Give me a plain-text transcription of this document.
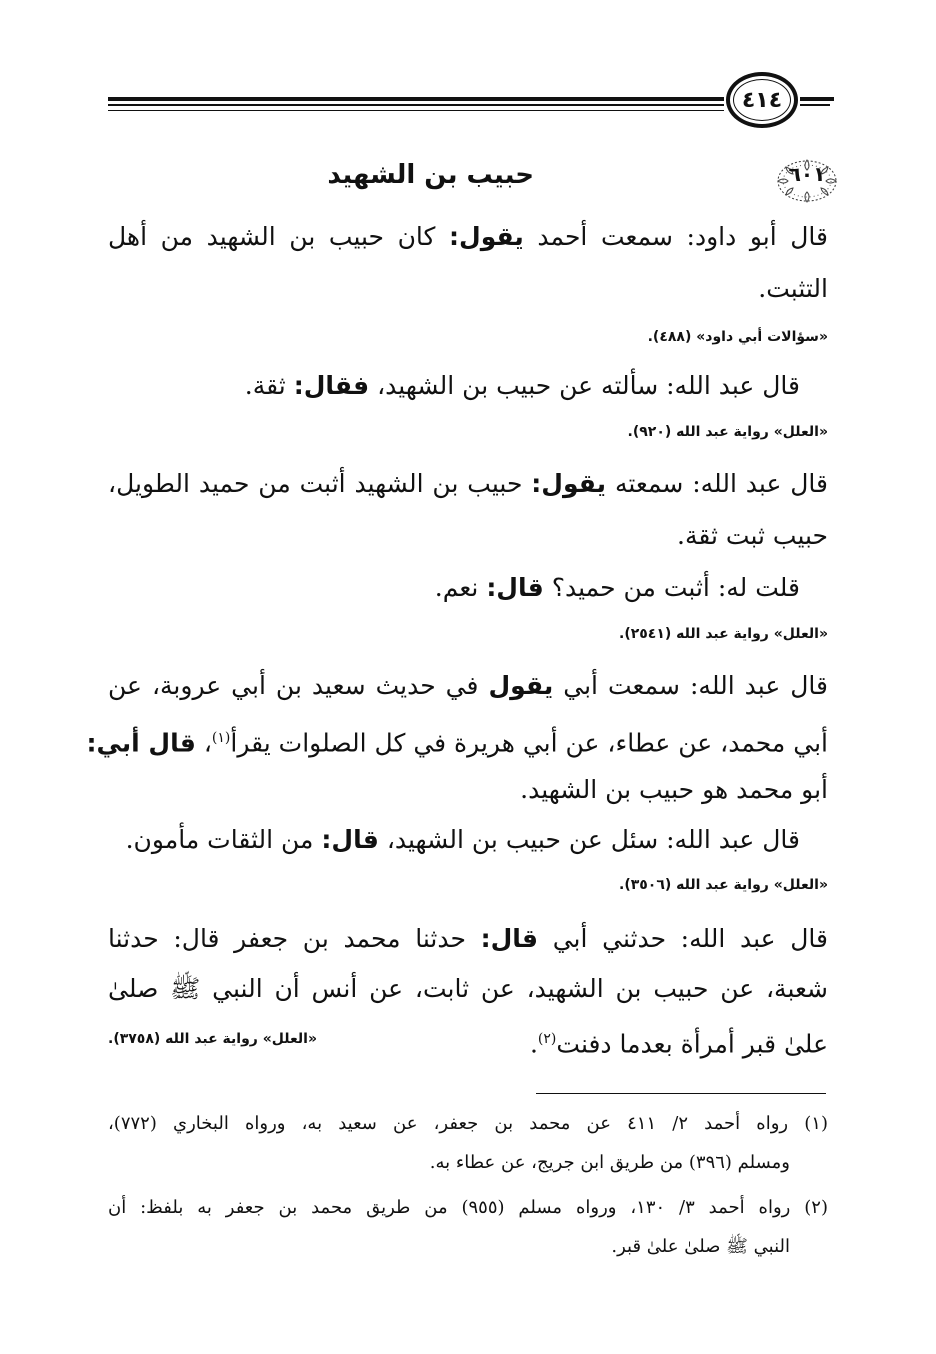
٤١٤
٦٠١
حبيب بن الشهيد
قال أبو داود: سمعت أحمد يقول: كان حبيب بن الشهيد من أهل
التثبت.
«سؤالات أبي داود» (٤٨٨).
قال عبد الله: سألته عن حبيب بن الشهيد، فقال: ثقة.
«العلل» رواية عبد الله (٩٢٠).
قال عبد الله: سمعته يقول: حبيب بن الشهيد أثبت من حميد الطويل،
حبيب ثبت ثقة.
قلت له: أثبت من حميد؟ قال: نعم.
«العلل» رواية عبد الله (٢٥٤١).
قال عبد الله: سمعت أبي يقول في حديث سعيد بن أبي عروبة، عن
أبي محمد، عن عطاء، عن أبي هريرة في كل الصلوات يقرأ$^{(١)}$، قال أبي:
أبو محمد هو حبيب بن الشهيد.
قال عبد الله: سئل عن حبيب بن الشهيد، قال: من الثقات مأمون.
«العلل» رواية عبد الله (٣٥٠٦).
قال عبد الله: حدثني أبي قال: حدثنا محمد بن جعفر قال: حدثنا
شعبة، عن حبيب بن الشهيد، عن ثابت، عن أنس أن النبي ﷺ صلىٰ
علىٰ قبر أمرأة بعدما دفنت$^{(٢)}$.
«العلل» رواية عبد الله (٣٧٥٨).
(١) رواه أحمد ٢/ ٤١١ عن محمد بن جعفر، عن سعيد به، ورواه البخاري (٧٧٢)،
ومسلم (٣٩٦) من طريق ابن جريج، عن عطاء به.
(٢) رواه أحمد ٣/ ١٣٠، ورواه مسلم (٩٥٥) من طريق محمد بن جعفر به بلفظ: أن
النبي ﷺ صلىٰ علىٰ قبر.
